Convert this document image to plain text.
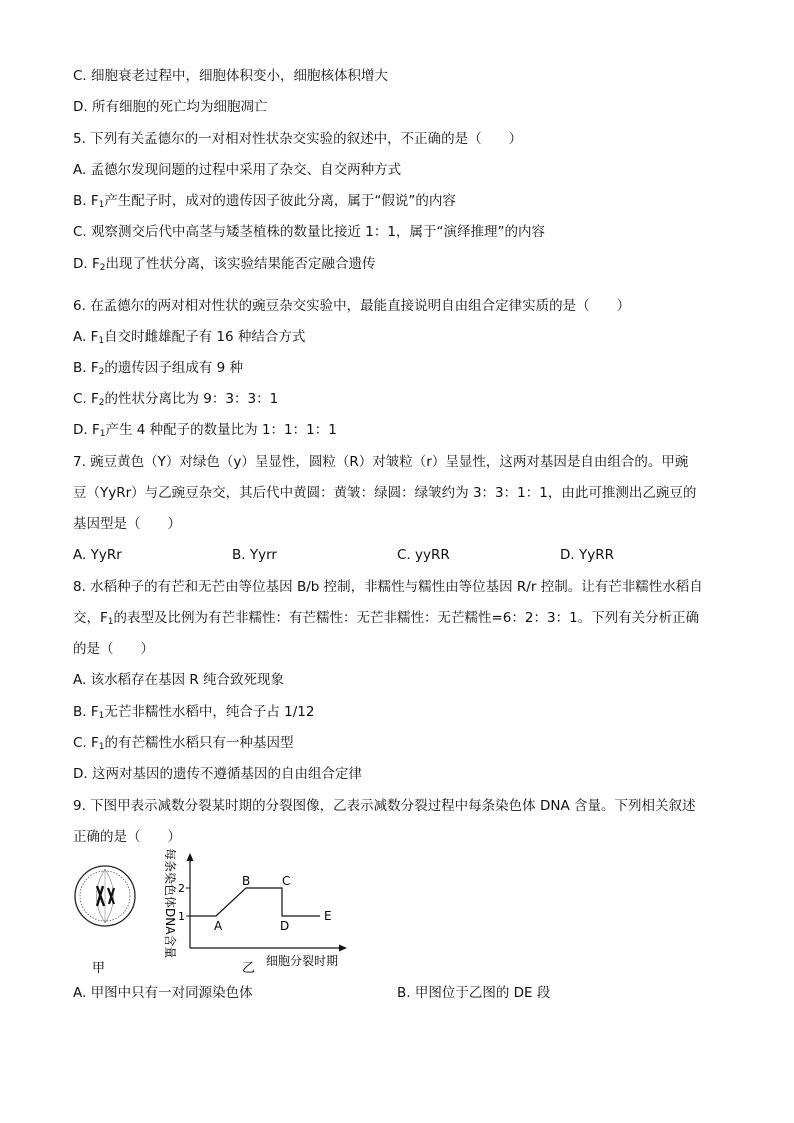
C. 细胞衰老过程中，细胞体积变小，细胞核体积增大
D. 所有细胞的死亡均为细胞凋亡
5. 下列有关孟德尔的一对相对性状杂交实验的叙述中，不正确的是（　　）
A. 孟德尔发现问题的过程中采用了杂交、自交两种方式
B. $F_1$产生配子时，成对的遗传因子彼此分离，属于“假说”的内容
C. 观察测交后代中高茎与矮茎植株的数量比接近 1：1，属于“演绎推理”的内容
D. $F_2$出现了性状分离，该实验结果能否定融合遗传
6. 在孟德尔的两对相对性状的豌豆杂交实验中，最能直接说明自由组合定律实质的是（　　）
A. $F_1$自交时雌雄配子有 16 种结合方式
B. $F_2$的遗传因子组成有 9 种
C. $F_2$的性状分离比为 9：3：3：1
D. $F_1$产生 4 种配子的数量比为 1：1：1：1
7. 豌豆黄色（Y）对绿色（y）呈显性，圆粒（R）对皱粒（r）呈显性，这两对基因是自由组合的。甲豌
豆（YyRr）与乙豌豆杂交，其后代中黄圆：黄皱：绿圆：绿皱约为 3：3：1：1，由此可推测出乙豌豆的
基因型是（　　）
A. YyRr	B. Yyrr	C. yyRR	D. YyRR
8. 水稻种子的有芒和无芒由等位基因 B/b 控制，非糯性与糯性由等位基因 R/r 控制。让有芒非糯性水稻自
交，$F_1$的表型及比例为有芒非糯性：有芒糯性：无芒非糯性：无芒糯性=6：2：3：1。下列有关分析正确
的是（　　）
A. 该水稻存在基因 R 纯合致死现象
B. $F_1$无芒非糯性水稻中，纯合子占 1/12
C. $F_1$的有芒糯性水稻只有一种基因型
D. 这两对基因的遗传不遵循基因的自由组合定律
9. 下图甲表示减数分裂某时期的分裂图像，乙表示减数分裂过程中每条染色体 DNA 含量。下列相关叙述
正确的是（　　）
甲
2
1
A
B	C
D
E
每条染色体DNA含量
细胞分裂时期
乙
A. 甲图中只有一对同源染色体	B. 甲图位于乙图的 DE 段
